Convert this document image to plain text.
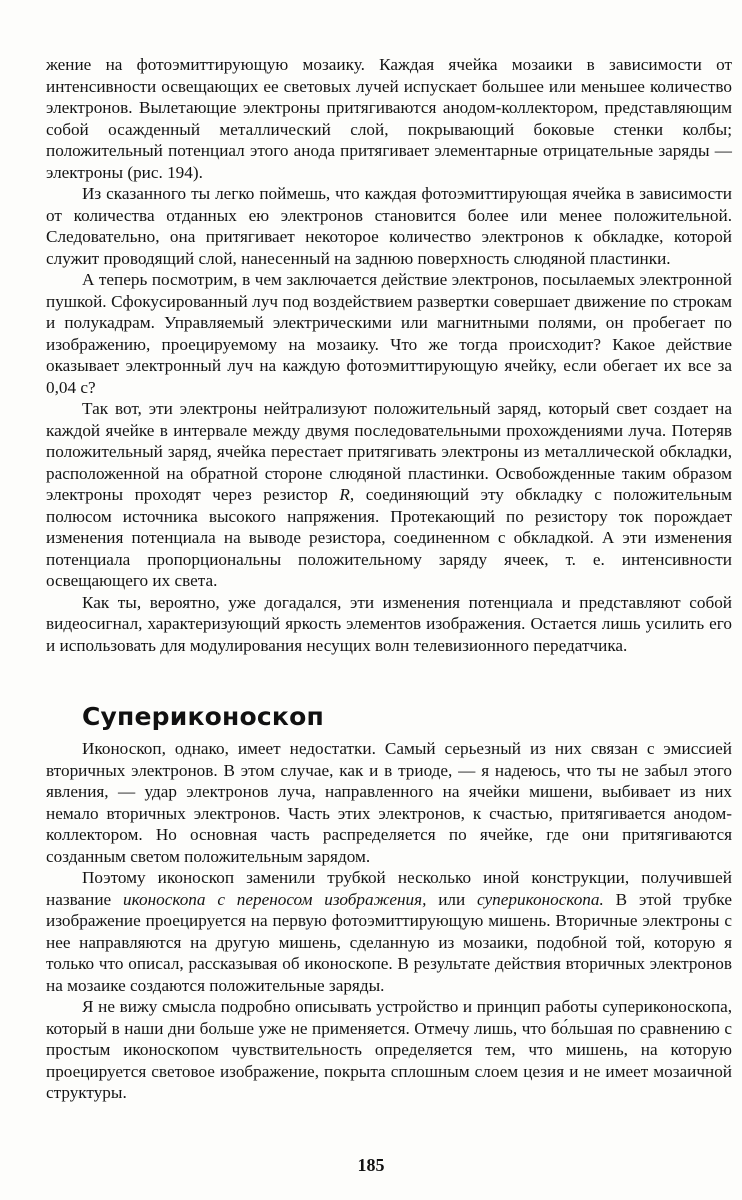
жение на фотоэмиттирующую мозаику. Каждая ячейка мозаики в зависимости от интенсивности освещающих ее световых лучей испускает большее или меньшее количество электронов. Вылетающие электроны притягиваются анодом-коллектором, представляющим собой осажденный металлический слой, покрывающий боковые стенки колбы; положительный потенциал этого анода притягивает элементарные отрицательные заряды — электроны (рис. 194).

Из сказанного ты легко поймешь, что каждая фотоэмиттирующая ячейка в зависимости от количества отданных ею электронов становится более или менее положительной. Следовательно, она притягивает некоторое количество электронов к обкладке, которой служит проводящий слой, нанесенный на заднюю поверхность слюдяной пластинки.

А теперь посмотрим, в чем заключается действие электронов, посылаемых электронной пушкой. Сфокусированный луч под воздействием развертки совершает движение по строкам и полукадрам. Управляемый электрическими или магнитными полями, он пробегает по изображению, проецируемому на мозаику. Что же тогда происходит? Какое действие оказывает электронный луч на каждую фотоэмиттирующую ячейку, если обегает их все за 0,04 с?

Так вот, эти электроны нейтрализуют положительный заряд, который свет создает на каждой ячейке в интервале между двумя последовательными прохождениями луча. Потеряв положительный заряд, ячейка перестает притягивать электроны из металлической обкладки, расположенной на обратной стороне слюдяной пластинки. Освобожденные таким образом электроны проходят через резистор R, соединяющий эту обкладку с положительным полюсом источника высокого напряжения. Протекающий по резистору ток порождает изменения потенциала на выводе резистора, соединенном с обкладкой. А эти изменения потенциала пропорциональны положительному заряду ячеек, т. е. интенсивности освещающего их света.

Как ты, вероятно, уже догадался, эти изменения потенциала и представляют собой видеосигнал, характеризующий яркость элементов изображения. Остается лишь усилить его и использовать для модулирования несущих волн телевизионного передатчика.

Супериконоскоп

Иконоскоп, однако, имеет недостатки. Самый серьезный из них связан с эмиссией вторичных электронов. В этом случае, как и в триоде, — я надеюсь, что ты не забыл этого явления, — удар электронов луча, направленного на ячейки мишени, выбивает из них немало вторичных электронов. Часть этих электронов, к счастью, притягивается анодом-коллектором. Но основная часть распределяется по ячейке, где они притягиваются созданным светом положительным зарядом.

Поэтому иконоскоп заменили трубкой несколько иной конструкции, получившей название иконоскопа с переносом изображения, или супериконоскопа. В этой трубке изображение проецируется на первую фотоэмиттирующую мишень. Вторичные электроны с нее направляются на другую мишень, сделанную из мозаики, подобной той, которую я только что описал, рассказывая об иконоскопе. В результате действия вторичных электронов на мозаике создаются положительные заряды.

Я не вижу смысла подробно описывать устройство и принцип работы супериконоскопа, который в наши дни больше уже не применяется. Отмечу лишь, что бо́льшая по сравнению с простым иконоскопом чувствительность определяется тем, что мишень, на которую проецируется световое изображение, покрыта сплошным слоем цезия и не имеет мозаичной структуры.

185
